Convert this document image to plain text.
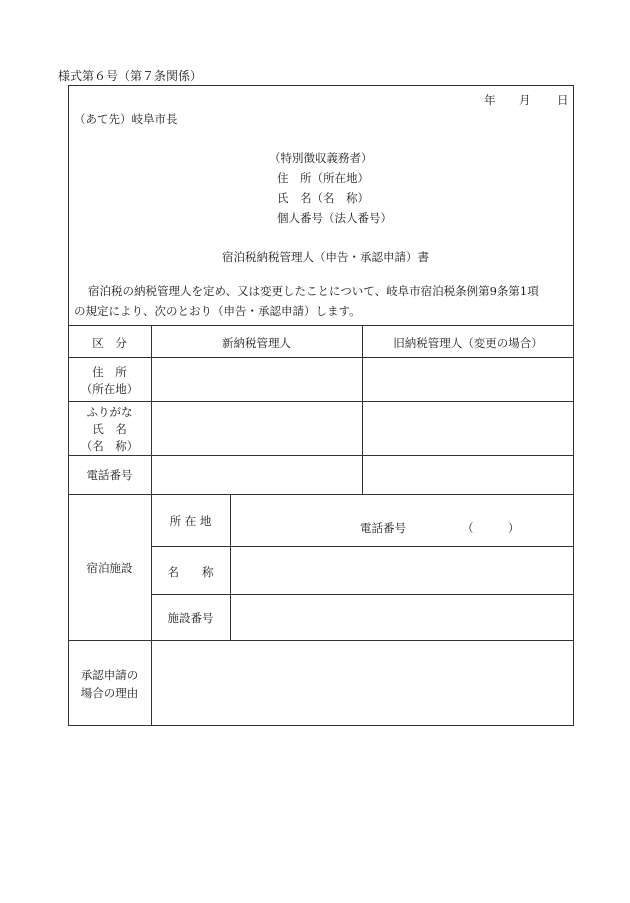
様式第６号（第７条関係）
年 月 日
（あて先）岐阜市長
（特別徴収義務者）
住　所（所在地）
氏　名（名　称）
個人番号（法人番号）
宿泊税納税管理人（申告・承認申請）書
宿泊税の納税管理人を定め、又は変更したことについて、岐阜市宿泊税条例第9条第1項
の規定により、次のとおり（申告・承認申請）します。
区　分	新納税管理人	旧納税管理人（変更の場合）
住　所
（所在地）
ふりがな
氏　名
（名　称）
電話番号
宿泊施設
所 在 地	電話番号	（　　　）
名　　称
施設番号
承認申請の
場合の理由
